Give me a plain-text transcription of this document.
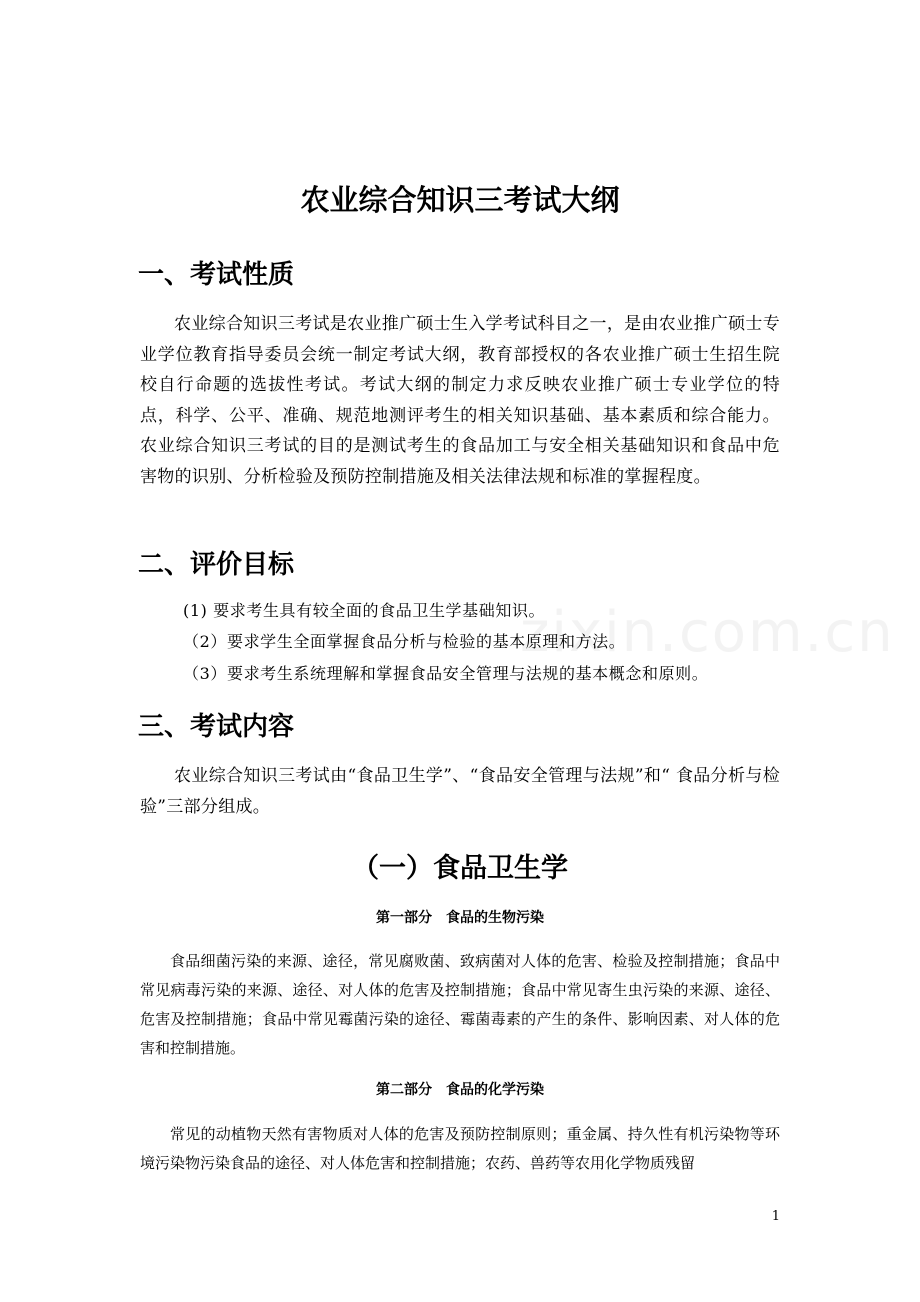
zixin.com.cn
农业综合知识三考试大纲
一、考试性质

农业综合知识三考试是农业推广硕士生入学考试科目之一，是由农业推广硕士专业学位教育指导委员会统一制定考试大纲，教育部授权的各农业推广硕士生招生院校自行命题的选拔性考试。考试大纲的制定力求反映农业推广硕士专业学位的特点，科学、公平、准确、规范地测评考生的相关知识基础、基本素质和综合能力。农业综合知识三考试的目的是测试考生的食品加工与安全相关基础知识和食品中危害物的识别、分析检验及预防控制措施及相关法律法规和标准的掌握程度。

二、评价目标

(1) 要求考生具有较全面的食品卫生学基础知识。

（2）要求学生全面掌握食品分析与检验的基本原理和方法。

（3）要求考生系统理解和掌握食品安全管理与法规的基本概念和原则。

三、考试内容

农业综合知识三考试由“食品卫生学”、“食品安全管理与法规”和“ 食品分析与检验”三部分组成。

（一）食品卫生学
第一部分　食品的生物污染

食品细菌污染的来源、途径，常见腐败菌、致病菌对人体的危害、检验及控制措施；食品中常见病毒污染的来源、途径、对人体的危害及控制措施；食品中常见寄生虫污染的来源、途径、危害及控制措施；食品中常见霉菌污染的途径、霉菌毒素的产生的条件、影响因素、对人体的危害和控制措施。

第二部分　食品的化学污染

常见的动植物天然有害物质对人体的危害及预防控制原则；重金属、持久性有机污染物等环境污染物污染食品的途径、对人体危害和控制措施；农药、兽药等农用化学物质残留

1
